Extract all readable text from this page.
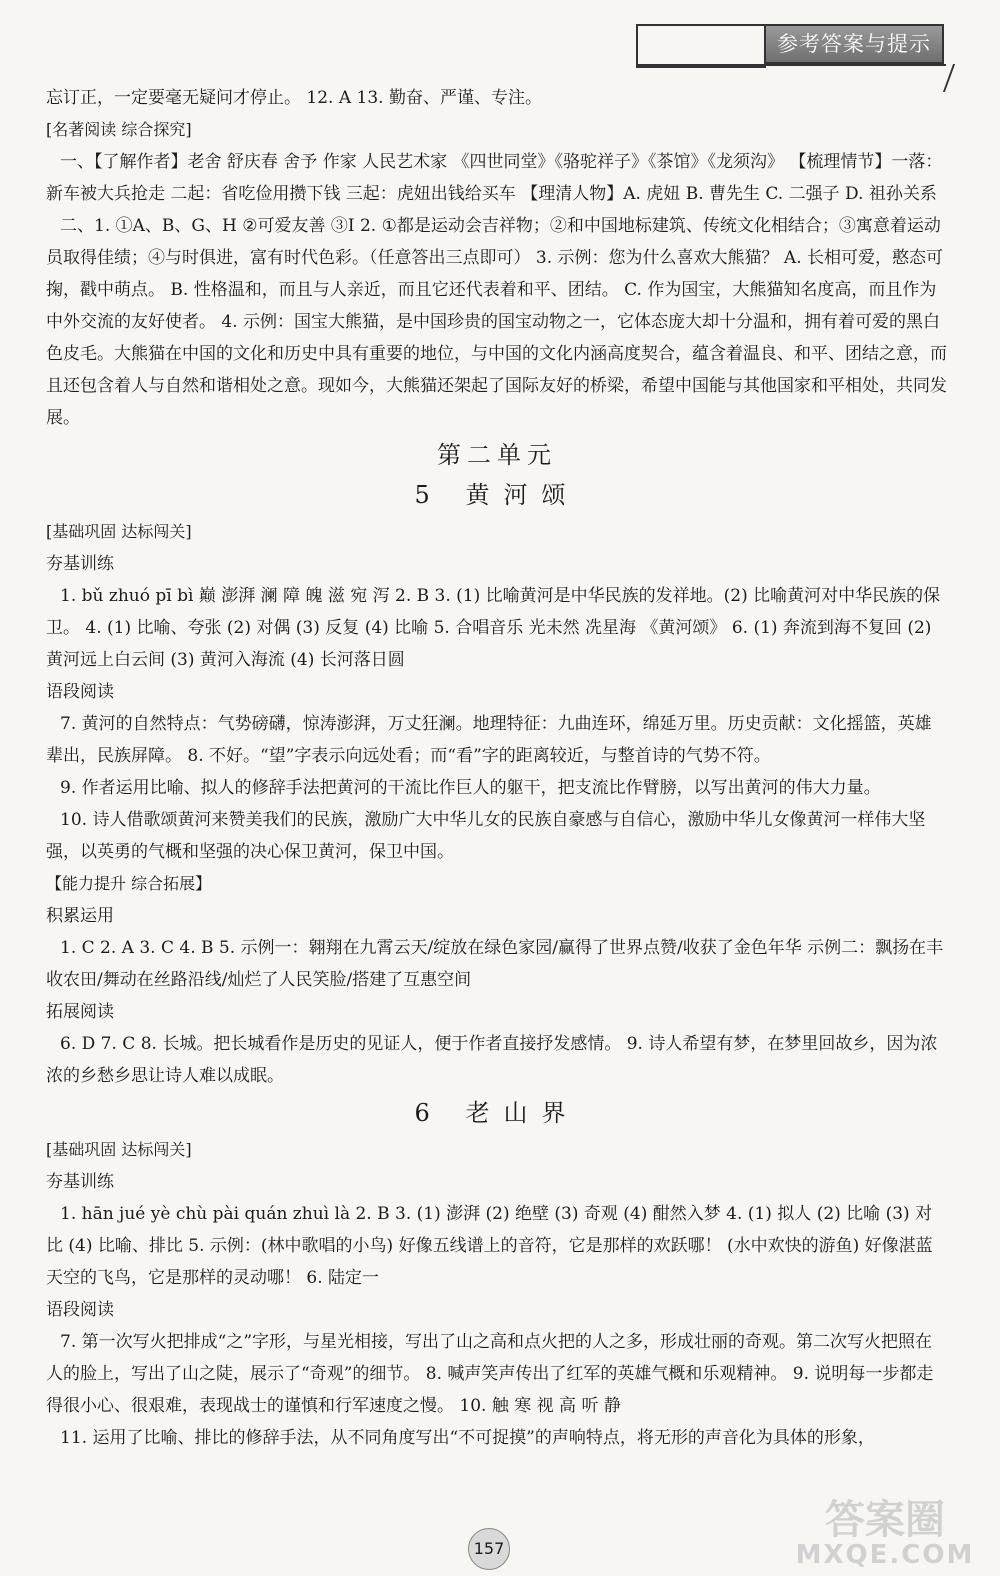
参考答案与提示

忘订正，一定要毫无疑问才停止。 12. A 13. 勤奋、严谨、专注。

[名著阅读 综合探究]

一、【了解作者】老舍 舒庆春 舍予 作家 人民艺术家 《四世同堂》《骆驼祥子》《茶馆》《龙须沟》 【梳理情节】一落：新车被大兵抢走 二起：省吃俭用攒下钱 三起：虎妞出钱给买车 【理清人物】A. 虎妞 B. 曹先生 C. 二强子 D. 祖孙关系

二、1. ①A、B、G、H ②可爱友善 ③I 2. ①都是运动会吉祥物；②和中国地标建筑、传统文化相结合；③寓意着运动员取得佳绩；④与时俱进，富有时代色彩。（任意答出三点即可） 3. 示例：您为什么喜欢大熊猫？ A. 长相可爱，憨态可掬，戳中萌点。 B. 性格温和，而且与人亲近，而且它还代表着和平、团结。 C. 作为国宝，大熊猫知名度高，而且作为中外交流的友好使者。 4. 示例：国宝大熊猫，是中国珍贵的国宝动物之一，它体态庞大却十分温和，拥有着可爱的黑白色皮毛。大熊猫在中国的文化和历史中具有重要的地位，与中国的文化内涵高度契合，蕴含着温良、和平、团结之意，而且还包含着人与自然和谐相处之意。现如今，大熊猫还架起了国际友好的桥梁，希望中国能与其他国家和平相处，共同发展。

第二单元
5 黄河颂

[基础巩固 达标闯关]

夯基训练

1. bǔ zhuó pī bì 巅 澎湃 澜 障 魄 滋 宛 泻 2. B 3. (1) 比喻黄河是中华民族的发祥地。(2) 比喻黄河对中华民族的保卫。 4. (1) 比喻、夸张 (2) 对偶 (3) 反复 (4) 比喻 5. 合唱音乐 光未然 冼星海 《黄河颂》 6. (1) 奔流到海不复回 (2) 黄河远上白云间 (3) 黄河入海流 (4) 长河落日圆

语段阅读

7. 黄河的自然特点：气势磅礴，惊涛澎湃，万丈狂澜。地理特征：九曲连环，绵延万里。历史贡献：文化摇篮，英雄辈出，民族屏障。 8. 不好。“望”字表示向远处看；而“看”字的距离较近，与整首诗的气势不符。

9. 作者运用比喻、拟人的修辞手法把黄河的干流比作巨人的躯干，把支流比作臂膀，以写出黄河的伟大力量。

10. 诗人借歌颂黄河来赞美我们的民族，激励广大中华儿女的民族自豪感与自信心，激励中华儿女像黄河一样伟大坚强，以英勇的气概和坚强的决心保卫黄河，保卫中国。

【能力提升 综合拓展】

积累运用

1. C 2. A 3. C 4. B 5. 示例一：翱翔在九霄云天/绽放在绿色家园/赢得了世界点赞/收获了金色年华 示例二：飘扬在丰收农田/舞动在丝路沿线/灿烂了人民笑脸/搭建了互惠空间

拓展阅读

6. D 7. C 8. 长城。把长城看作是历史的见证人，便于作者直接抒发感情。 9. 诗人希望有梦，在梦里回故乡，因为浓浓的乡愁乡思让诗人难以成眠。

6 老山界

[基础巩固 达标闯关]

夯基训练

1. hān jué yè chù pài quán zhuì là 2. B 3. (1) 澎湃 (2) 绝壁 (3) 奇观 (4) 酣然入梦 4. (1) 拟人 (2) 比喻 (3) 对比 (4) 比喻、排比 5. 示例：(林中歌唱的小鸟) 好像五线谱上的音符，它是那样的欢跃哪！ (水中欢快的游鱼) 好像湛蓝天空的飞鸟，它是那样的灵动哪！ 6. 陆定一

语段阅读

7. 第一次写火把排成“之”字形，与星光相接，写出了山之高和点火把的人之多，形成壮丽的奇观。第二次写火把照在人的脸上，写出了山之陡，展示了“奇观”的细节。 8. 喊声笑声传出了红军的英雄气概和乐观精神。 9. 说明每一步都走得很小心、很艰难，表现战士的谨慎和行军速度之慢。 10. 触 寒 视 高 听 静

11. 运用了比喻、排比的修辞手法，从不同角度写出“不可捉摸”的声响特点，将无形的声音化为具体的形象，

157
答案圈
MXQE.COM
